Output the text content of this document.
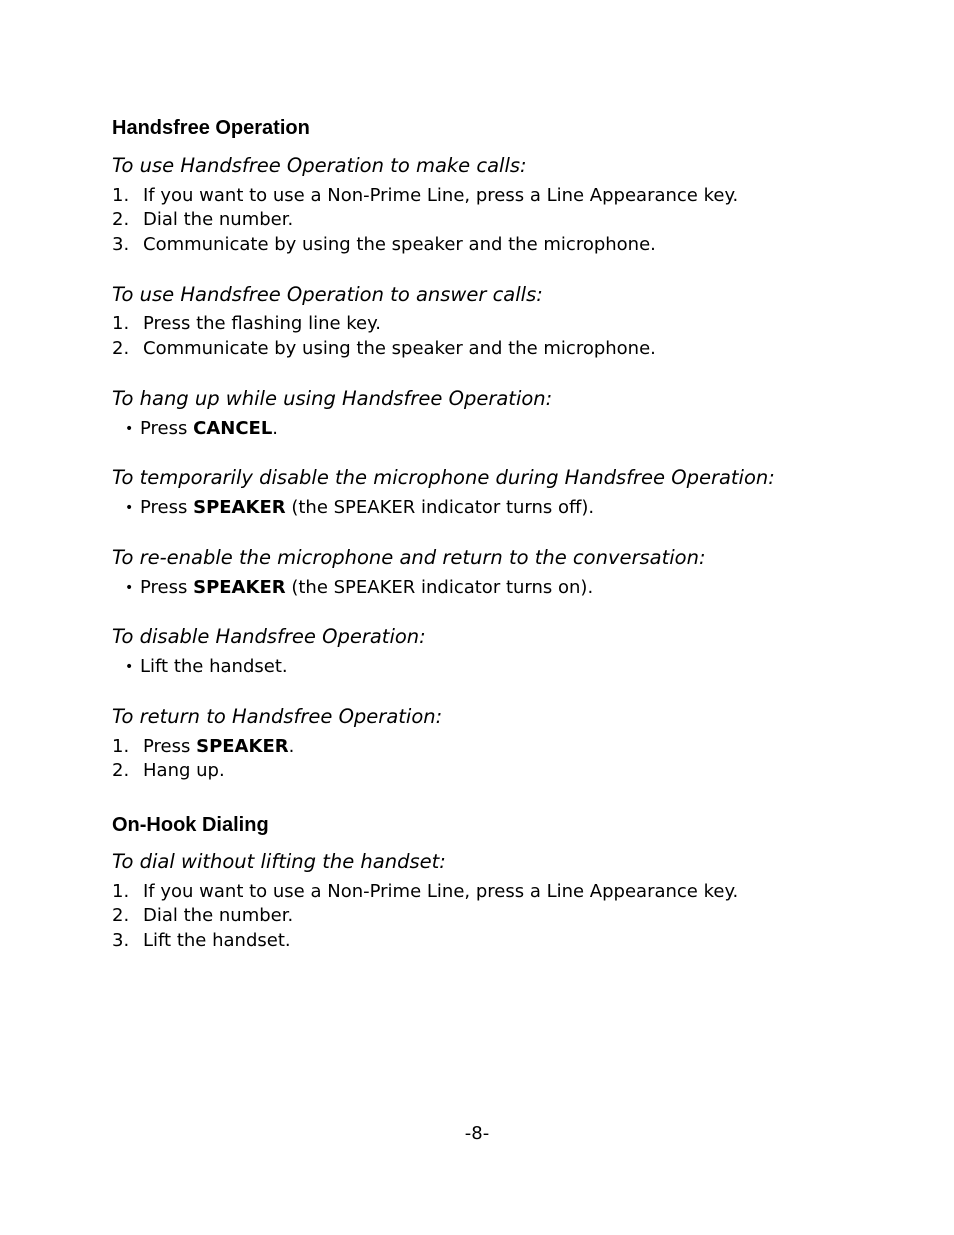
Handsfree Operation
To use Handsfree Operation to make calls:
1. If you want to use a Non-Prime Line, press a Line Appearance key.
2. Dial the number.
3. Communicate by using the speaker and the microphone.
To use Handsfree Operation to answer calls:
1. Press the flashing line key.
2. Communicate by using the speaker and the microphone.
To hang up while using Handsfree Operation:
• Press CANCEL.
To temporarily disable the microphone during Handsfree Operation:
• Press SPEAKER (the SPEAKER indicator turns off).
To re-enable the microphone and return to the conversation:
• Press SPEAKER (the SPEAKER indicator turns on).
To disable Handsfree Operation:
• Lift the handset.
To return to Handsfree Operation:
1. Press SPEAKER.
2. Hang up.
On-Hook Dialing
To dial without lifting the handset:
1. If you want to use a Non-Prime Line, press a Line Appearance key.
2. Dial the number.
3. Lift the handset.
-8-
